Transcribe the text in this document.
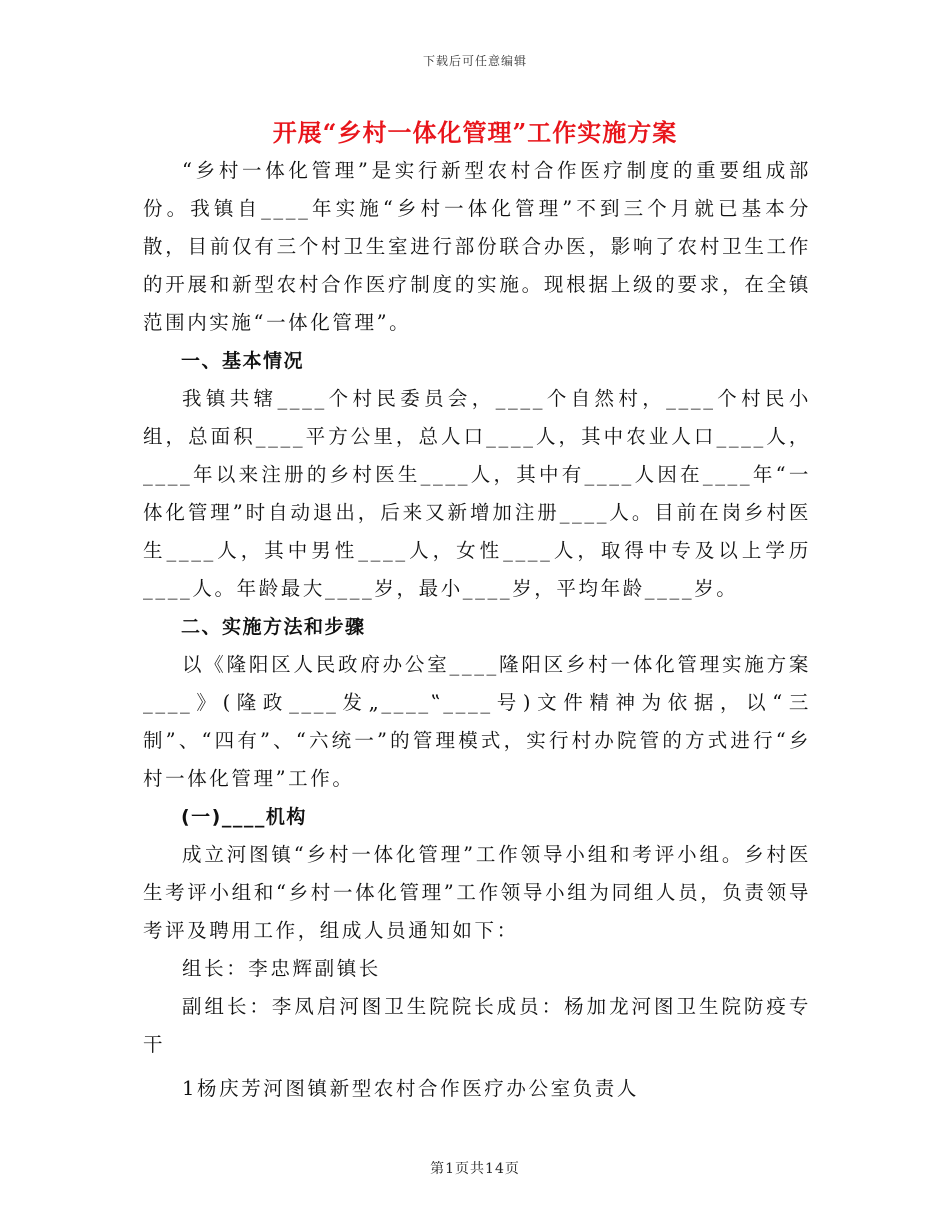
下载后可任意编辑
开展“乡村一体化管理”工作实施方案

“乡村一体化管理”是实行新型农村合作医疗制度的重要组成部份。我镇自____年实施“乡村一体化管理”不到三个月就已基本分散，目前仅有三个村卫生室进行部份联合办医，影响了农村卫生工作的开展和新型农村合作医疗制度的实施。现根据上级的要求，在全镇范围内实施“一体化管理”。

一、基本情况

我镇共辖____个村民委员会，____个自然村，____个村民小组，总面积____平方公里，总人口____人，其中农业人口____人，____年以来注册的乡村医生____人，其中有____人因在____年“一体化管理”时自动退出，后来又新增加注册____人。目前在岗乡村医生____人，其中男性____人，女性____人，取得中专及以上学历____人。年龄最大____岁，最小____岁，平均年龄____岁。

二、实施方法和步骤

以《隆阳区人民政府办公室____隆阳区乡村一体化管理实施方案____》(隆政____发„____‟____号)文件精神为依据，以“三制”、“四有”、“六统一”的管理模式，实行村办院管的方式进行“乡村一体化管理”工作。

(一)____机构

成立河图镇“乡村一体化管理”工作领导小组和考评小组。乡村医生考评小组和“乡村一体化管理”工作领导小组为同组人员，负责领导考评及聘用工作，组成人员通知如下：

组长：李忠辉副镇长

副组长：李凤启河图卫生院院长成员：杨加龙河图卫生院防疫专干

1杨庆芳河图镇新型农村合作医疗办公室负责人

第1页共14页
